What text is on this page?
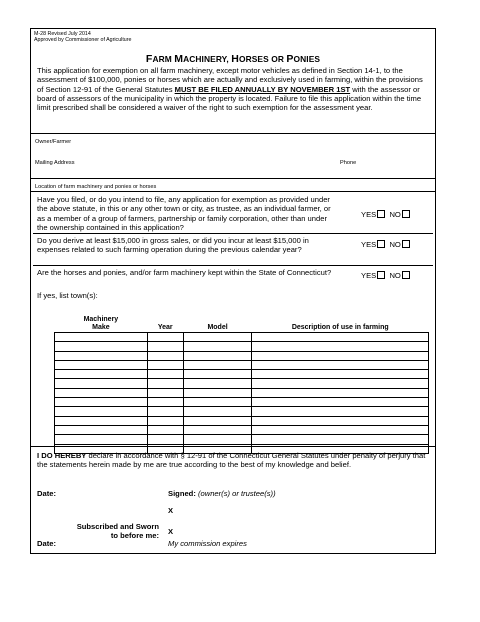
M-28 Revised July 2014
Approved by Commissioner of Agriculture
FARM MACHINERY, HORSES OR PONIES
This application for exemption on all farm machinery, except motor vehicles as defined in Section 14-1, to the assessment of $100,000, ponies or horses which are actually and exclusively used in farming, within the provisions of Section 12-91 of the General Statutes MUST BE FILED ANNUALLY BY NOVEMBER 1ST with the assessor or board of assessors of the municipality in which the property is located. Failure to file this application within the time limit prescribed shall be considered a waiver of the right to such exemption for the assessment year.
Owner/Farmer
Mailing Address	Phone
Location of farm machinery and ponies or horses
Have you filed, or do you intend to file, any application for exemption as provided under the above statute, in this or any other town or city, as trustee, as an individual farmer, or as a member of a group of farmers, partnership or family corporation, other than under the ownership contained in this application?
YES NO
Do you derive at least $15,000 in gross sales, or did you incur at least $15,000 in expenses related to such farming operation during the previous calendar year?
YES NO
Are the horses and ponies, and/or farm machinery kept within the State of Connecticut?	YES NO
If yes, list town(s):
Machinery
Make	Year	Model	Description of use in farming

I DO HEREBY declare in accordance with § 12-91 of the Connecticut General Statutes under penalty of perjury that the statements herein made by me are true according to the best of my knowledge and belief.
Date:	Signed: (owner(s) or trustee(s))
X
Subscribed and Sworn
to before me: X
Date:	My commission expires
